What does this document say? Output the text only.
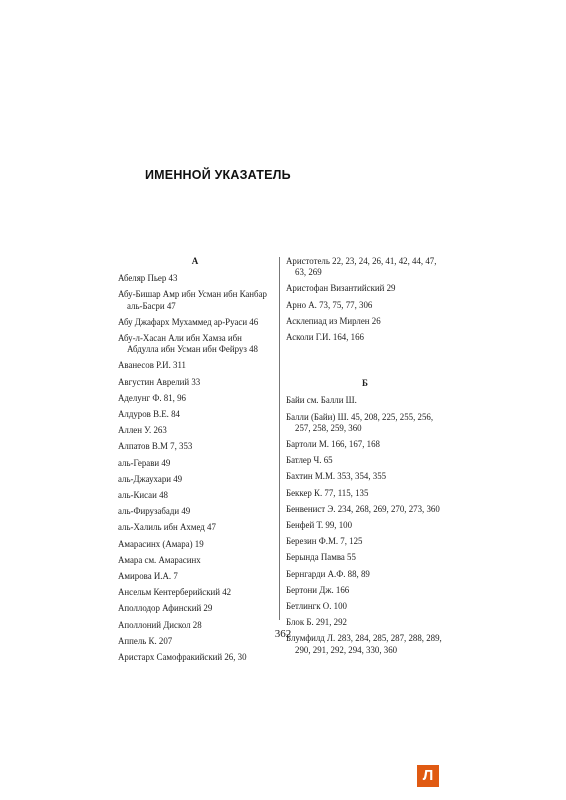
ИМЕННОЙ УКАЗАТЕЛЬ
А
Абеляр Пьер 43
Абу-Бишар Амр ибн Усман ибн Канбар аль-Басри 47
Абу Джафарx Мухаммед ар-Руаси 46
Абу-л-Хасан Али ибн Хамза ибн Абдулла ибн Усман ибн Фейруз 48
Аванесов Р.И. 311
Августин Аврелий 33
Аделунг Ф. 81, 96
Алдуров В.Е. 84
Аллен У. 263
Алпатов В.М 7, 353
аль-Герави 49
аль-Джаухари 49
аль-Кисаи 48
аль-Фирузабади 49
аль-Халиль ибн Ахмед 47
Амарасинх (Амара) 19
Амара см. Амарасинх
Амирова И.А. 7
Ансельм Кентерберийский 42
Аполлодор Афинский 29
Аполлоний Дискол 28
Аппель К. 207
Аристарх Самофракийский 26, 30
Аристотель 22, 23, 24, 26, 41, 42, 44, 47, 63, 269
Аристофан Византийский 29
Арно А. 73, 75, 77, 306
Асклепиад из Мирлен 26
Асколи Г.И. 164, 166
Б
Байи см. Балли Ш.
Балли (Байи) Ш. 45, 208, 225, 255, 256, 257, 258, 259, 360
Бартоли М. 166, 167, 168
Батлер Ч. 65
Бахтин М.М. 353, 354, 355
Беккер К. 77, 115, 135
Бенвенист Э. 234, 268, 269, 270, 273, 360
Бенфей Т. 99, 100
Березин Ф.М. 7, 125
Берында Памва 55
Бернгарди А.Ф. 88, 89
Бертони Дж. 166
Бетлингк О. 100
Блок Б. 291, 292
Блумфилд Л. 283, 284, 285, 287, 288, 289, 290, 291, 292, 294, 330, 360
362
Л
